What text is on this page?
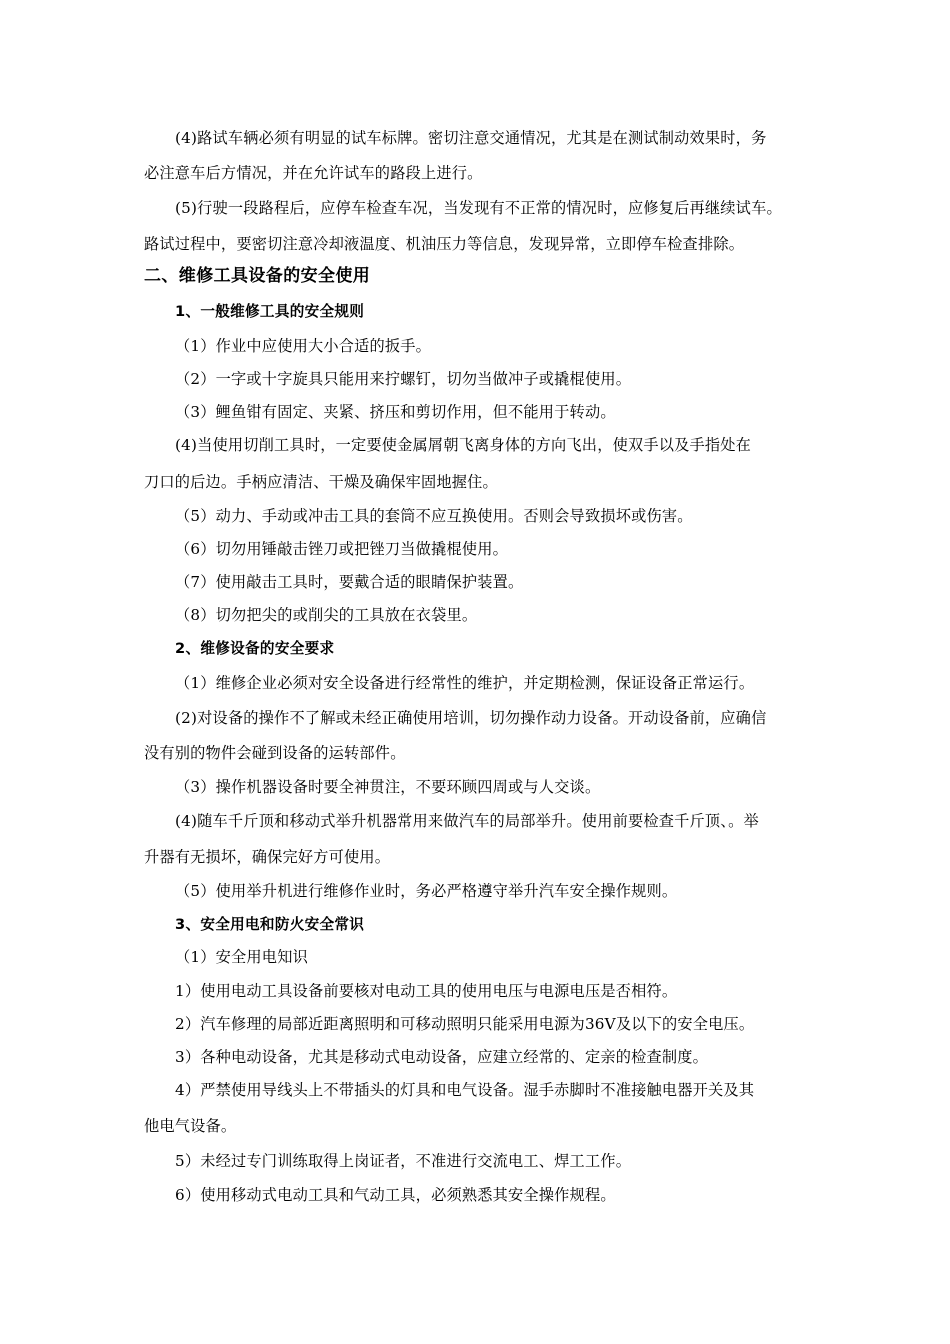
(4)路试车辆必须有明显的试车标牌。密切注意交通情况，尤其是在测试制动效果时，务
必注意车后方情况，并在允许试车的路段上进行。
(5)行驶一段路程后，应停车检查车况，当发现有不正常的情况时，应修复后再继续试车。
路试过程中，要密切注意冷却液温度、机油压力等信息，发现异常，立即停车检查排除。
二、维修工具设备的安全使用
1、一般维修工具的安全规则
（1）作业中应使用大小合适的扳手。
（2）一字或十字旋具只能用来拧螺钉，切勿当做冲子或撬棍使用。
（3）鲤鱼钳有固定、夹紧、挤压和剪切作用，但不能用于转动。
(4)当使用切削工具时，一定要使金属屑朝飞离身体的方向飞出，使双手以及手指处在
刀口的后边。手柄应清洁、干燥及确保牢固地握住。
（5）动力、手动或冲击工具的套筒不应互换使用。否则会导致损坏或伤害。
（6）切勿用锤敲击锉刀或把锉刀当做撬棍使用。
（7）使用敲击工具时，要戴合适的眼睛保护装置。
（8）切勿把尖的或削尖的工具放在衣袋里。
2、维修设备的安全要求
（1）维修企业必须对安全设备进行经常性的维护，并定期检测，保证设备正常运行。
(2)对设备的操作不了解或未经正确使用培训，切勿操作动力设备。开动设备前，应确信
没有别的物件会碰到设备的运转部件。
（3）操作机器设备时要全神贯注，不要环顾四周或与人交谈。
(4)随车千斤顶和移动式举升机器常用来做汽车的局部举升。使用前要检查千斤顶、。举
升器有无损坏，确保完好方可使用。
（5）使用举升机进行维修作业时，务必严格遵守举升汽车安全操作规则。
3、安全用电和防火安全常识
（1）安全用电知识
1）使用电动工具设备前要核对电动工具的使用电压与电源电压是否相符。
2）汽车修理的局部近距离照明和可移动照明只能采用电源为36V及以下的安全电压。
3）各种电动设备，尤其是移动式电动设备，应建立经常的、定亲的检查制度。
4）严禁使用导线头上不带插头的灯具和电气设备。湿手赤脚时不准接触电器开关及其
他电气设备。
5）未经过专门训练取得上岗证者，不准进行交流电工、焊工工作。
6）使用移动式电动工具和气动工具，必须熟悉其安全操作规程。
